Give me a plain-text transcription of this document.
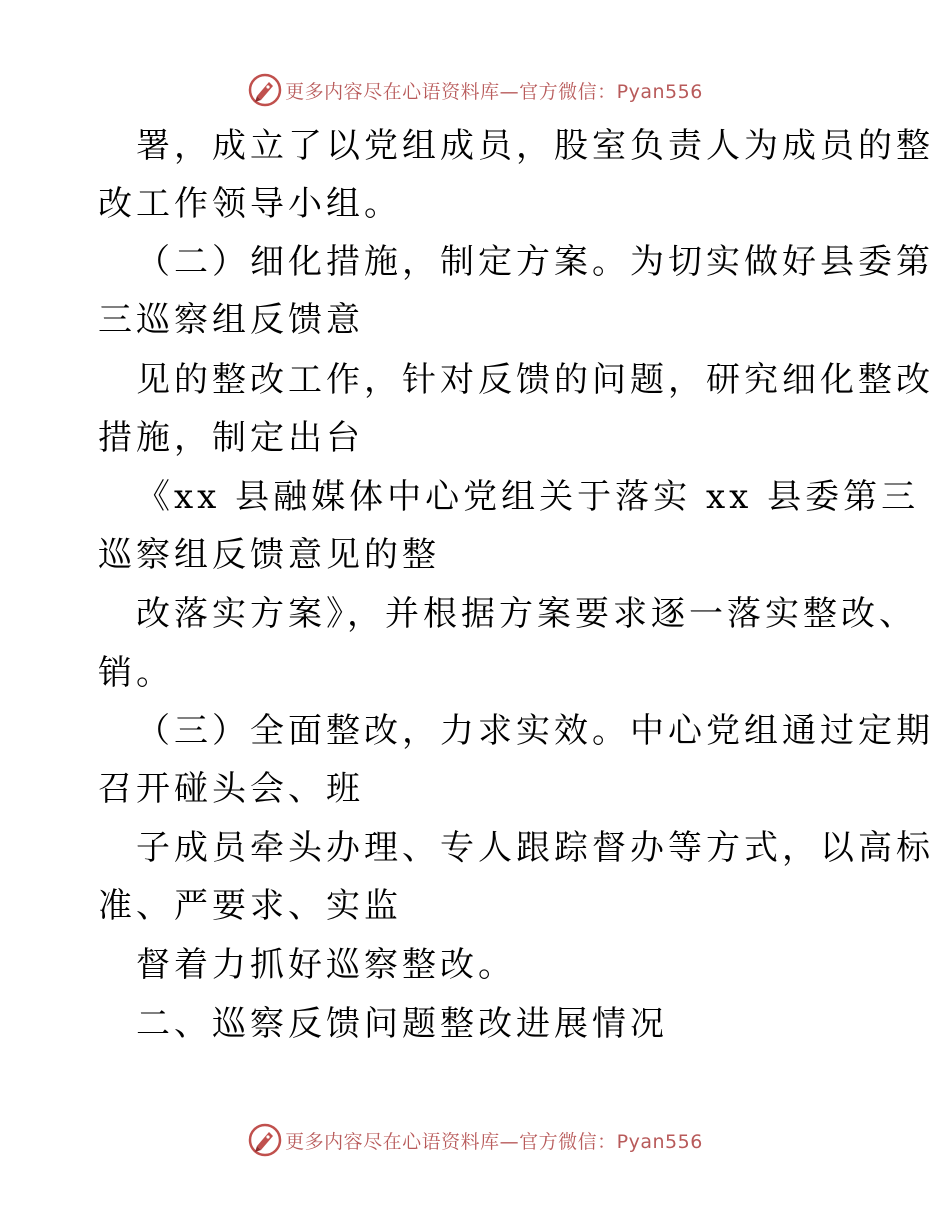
更多内容尽在心语资料库—官方微信：Pyan556
署，成立了以党组成员，股室负责人为成员的整
改工作领导小组。
（二）细化措施，制定方案。为切实做好县委第
三巡察组反馈意
见的整改工作，针对反馈的问题，研究细化整改
措施，制定出台
《xx 县融媒体中心党组关于落实 xx 县委第三
巡察组反馈意见的整
改落实方案》，并根据方案要求逐一落实整改、
销。
（三）全面整改，力求实效。中心党组通过定期
召开碰头会、班
子成员牵头办理、专人跟踪督办等方式，以高标
准、严要求、实监
督着力抓好巡察整改。
二、巡察反馈问题整改进展情况
更多内容尽在心语资料库—官方微信：Pyan556
